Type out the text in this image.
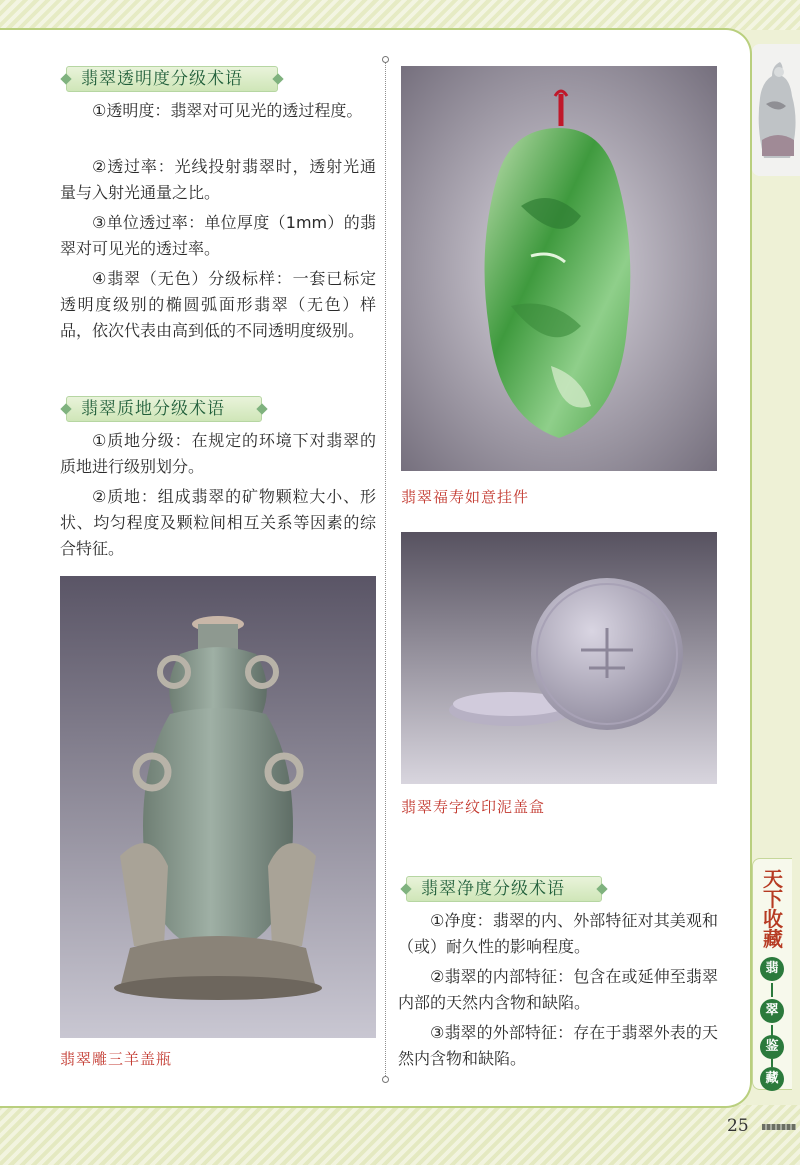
翡翠透明度分级术语

①透明度：翡翠对可见光的透过程度。

②透过率：光线投射翡翠时，透射光通量与入射光通量之比。

③单位透过率：单位厚度（1mm）的翡翠对可见光的透过率。

④翡翠（无色）分级标样：一套已标定透明度级别的椭圆弧面形翡翠（无色）样品，依次代表由高到低的不同透明度级别。

翡翠质地分级术语

①质地分级：在规定的环境下对翡翠的质地进行级别划分。

②质地：组成翡翠的矿物颗粒大小、形状、均匀程度及颗粒间相互关系等因素的综合特征。

翡翠雕三羊盖瓶
翡翠福寿如意挂件
翡翠寿字纹印泥盖盒
翡翠净度分级术语

①净度：翡翠的内、外部特征对其美观和（或）耐久性的影响程度。

②翡翠的内部特征：包含在或延伸至翡翠内部的天然内含物和缺陷。

③翡翠的外部特征：存在于翡翠外表的天然内含物和缺陷。

天下收藏
翡
翠
鉴
藏
25
